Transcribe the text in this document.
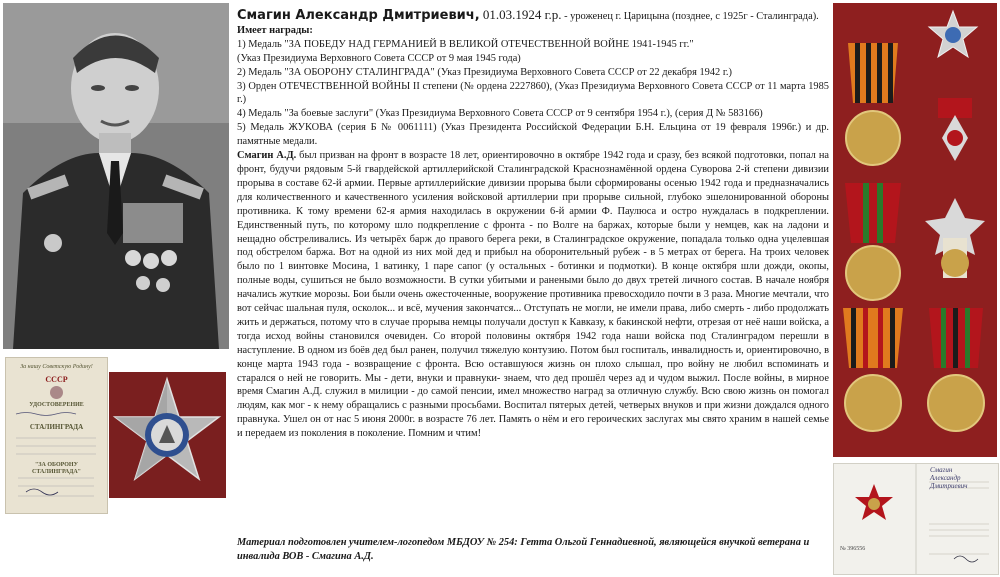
За нашу Советскую Родину!
СССР
УДОСТОВЕРЕНИЕ
СТАЛИНГРАДА
"ЗА ОБОРОНУ СТАЛИНГРАДА"

Смагин Александр Дмитриевич, 01.03.1924 г.р. - уроженец г. Царицына (позднее, с 1925г - Сталинграда).

Имеет награды:

1) Медаль "ЗА ПОБЕДУ НАД ГЕРМАНИЕЙ В ВЕЛИКОЙ ОТЕЧЕСТВЕННОЙ ВОЙНЕ 1941-1945 гг."

(Указ Президиума Верховного Совета СССР от 9 мая 1945 года)

2) Медаль "ЗА ОБОРОНУ СТАЛИНГРАДА" (Указ Президиума Верховного Совета СССР от 22 декабря 1942 г.)

3) Орден ОТЕЧЕСТВЕННОЙ ВОЙНЫ II степени (№ ордена 2227860), (Указ Президиума Верховного Совета СССР от 11 марта 1985 г.)

4) Медаль "За боевые заслуги" (Указ Президиума Верховного Совета СССР от 9 сентября 1954 г.), (серия Д № 583166)

5) Медаль ЖУКОВА (серия Б № 0061111) (Указ Президента Российской Федерации Б.Н. Ельцина от 19 февраля 1996г.) и др. памятные медали.

Смагин А.Д. был призван на фронт в возрасте 18 лет, ориентировочно в октябре 1942 года и сразу, без всякой подготовки, попал на фронт, будучи рядовым 5-й гвардейской артиллерийской Сталинградской Краснознамённой ордена Суворова 2-й степени дивизии прорыва в составе 62-й армии. Первые артиллерийские дивизии прорыва были сформированы осенью 1942 года и предназначались для количественного и качественного усиления войсковой артиллерии при прорыве сильной, глубоко эшелонированной обороны противника. К тому времени 62-я армия находилась в окружении 6-й армии Ф. Паулюса и остро нуждалась в подкреплении. Единственный путь, по которому шло подкрепление с фронта - по Волге на баржах, которые были у немцев, как на ладони и нещадно обстреливались. Из четырёх барж до правого берега реки, в Сталинградское окружение, попадала только одна уцелевшая под обстрелом баржа. Вот на одной из них мой дед и прибыл на оборонительный рубеж - в 5 метрах от берега. На троих человек было по 1 винтовке Мосина, 1 ватинку, 1 паре сапог (у остальных - ботинки и подмотки). В конце октября шли дожди, окопы, полные воды, сушиться не было возможности. В сутки убитыми и ранеными было до двух третей личного состав. В начале ноября начались жуткие морозы. Бои были очень ожесточенные, вооружение противника превосходило почти в 3 раза. Многие мечтали, что вот сейчас шальная пуля, осколок... и всё, мучения закончатся... Отступать не могли, не имели права, либо смерть - либо продолжать жить и держаться, потому что в случае прорыва немцы получали доступ к Кавказу, к бакинской нефти, отрезая от неё наши войска, а тогда исход войны становился очевиден. Со второй половины октября 1942 года наши войска под Сталинградом перешли в наступление. В одном из боёв дед был ранен, получил тяжелую контузию. Потом был госпиталь, инвалидность и, ориентировочно, в конце марта 1943 года - возвращение с фронта. Всю оставшуюся жизнь он плохо слышал, про войну не любил вспоминать и старался о ней не говорить. Мы - дети, внуки и правнуки- знаем, что дед прошёл через ад и чудом выжил. После войны, в мирное время Смагин А.Д. служил в милиции - до самой пенсии, имел множество наград за отличную службу. Всю свою жизнь он помогал людям, как мог - к нему обращались с разными просьбами. Воспитал пятерых детей, четверых внуков и при жизни дождался одного правнука. Ушел он от нас 5 июня 2000г. в возрасте 76 лет. Память о нём и его героических заслугах мы свято храним в нашей семье и передаем из поколения в поколение. Помним и чтим!

Материал подготовлен учителем-логопедом МБДОУ № 254: Гетта Ольгой Геннадиевной, являющейся внучкой ветерана и инвалида ВОВ - Смагина А.Д.
Смагин
Александр
Дмитриевич
№ 396556
